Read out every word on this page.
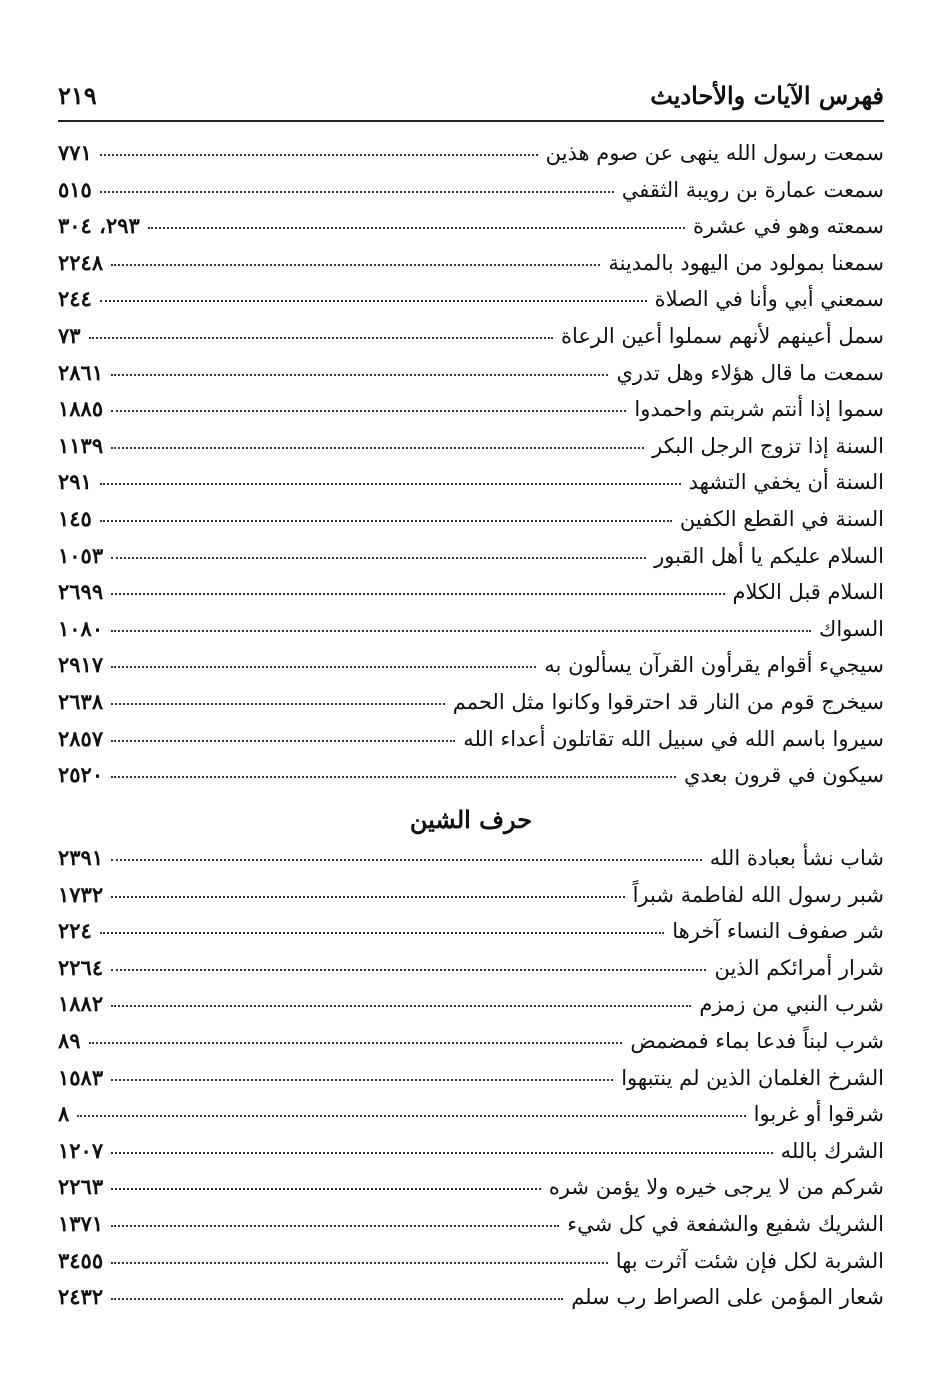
فهرس الآيات والأحاديث
٢١٩
سمعت رسول الله ينهى عن صوم هذين
٧٧١
سمعت عمارة بن رويبة الثقفي
٥١٥
سمعته وهو في عشرة
٢٩٣، ٣٠٤
سمعنا بمولود من اليهود بالمدينة
٢٢٤٨
سمعني أبي وأنا في الصلاة
٢٤٤
سمل أعينهم لأنهم سملوا أعين الرعاة
٧٣
سمعت ما قال هؤلاء وهل تدري
٢٨٦١
سموا إذا أنتم شربتم واحمدوا
١٨٨٥
السنة إذا تزوج الرجل البكر
١١٣٩
السنة أن يخفي التشهد
٢٩١
السنة في القطع الكفين
١٤٥
السلام عليكم يا أهل القبور
١٠٥٣
السلام قبل الكلام
٢٦٩٩
السواك
١٠٨٠
سيجيء أقوام يقرأون القرآن يسألون به
٢٩١٧
سيخرج قوم من النار قد احترقوا وكانوا مثل الحمم
٢٦٣٨
سيروا باسم الله في سبيل الله تقاتلون أعداء الله
٢٨٥٧
سيكون في قرون بعدي
٢٥٢٠
حرف الشين
شاب نشأ بعبادة الله
٢٣٩١
شبر رسول الله لفاطمة شبراً
١٧٣٢
شر صفوف النساء آخرها
٢٢٤
شرار أمرائكم الذين
٢٢٦٤
شرب النبي من زمزم
١٨٨٢
شرب لبناً فدعا بماء فمضمض
٨٩
الشرخ الغلمان الذين لم ينتبهوا
١٥٨٣
شرقوا أو غربوا
٨
الشرك بالله
١٢٠٧
شركم من لا يرجى خيره ولا يؤمن شره
٢٢٦٣
الشريك شفيع والشفعة في كل شيء
١٣٧١
الشربة لكل فإن شئت آثرت بها
٣٤٥٥
شعار المؤمن على الصراط رب سلم
٢٤٣٢
